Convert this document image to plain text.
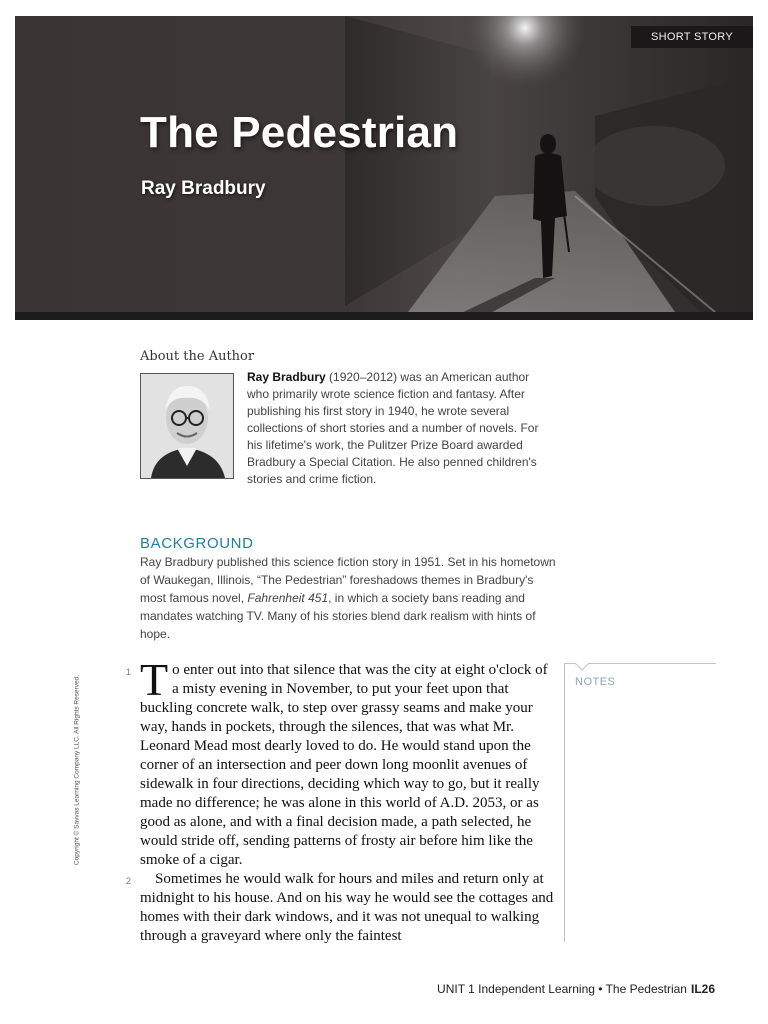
SHORT STORY
The Pedestrian
Ray Bradbury
About the Author

Ray Bradbury (1920–2012) was an American author who primarily wrote science fiction and fantasy. After publishing his first story in 1940, he wrote several collections of short stories and a number of novels. For his lifetime's work, the Pulitzer Prize Board awarded Bradbury a Special Citation. He also penned children's stories and crime fiction.

BACKGROUND

Ray Bradbury published this science fiction story in 1951. Set in his hometown of Waukegan, Illinois, “The Pedestrian” foreshadows themes in Bradbury's most famous novel, Fahrenheit 451, in which a society bans reading and mandates watching TV. Many of his stories blend dark realism with hints of hope.

1 To enter out into that silence that was the city at eight o'clock of a misty evening in November, to put your feet upon that buckling concrete walk, to step over grassy seams and make your way, hands in pockets, through the silences, that was what Mr. Leonard Mead most dearly loved to do. He would stand upon the corner of an intersection and peer down long moonlit avenues of sidewalk in four directions, deciding which way to go, but it really made no difference; he was alone in this world of A.D. 2053, or as good as alone, and with a final decision made, a path selected, he would stride off, sending patterns of frosty air before him like the smoke of a cigar.

2	Sometimes he would walk for hours and miles and return only at midnight to his house. And on his way he would see the cottages and homes with their dark windows, and it was not unequal to walking through a graveyard where only the faintest

NOTES
Copyright © Savvas Learning Company LLC. All Rights Reserved.
UNIT 1 Independent Learning • The Pedestrian IL26
